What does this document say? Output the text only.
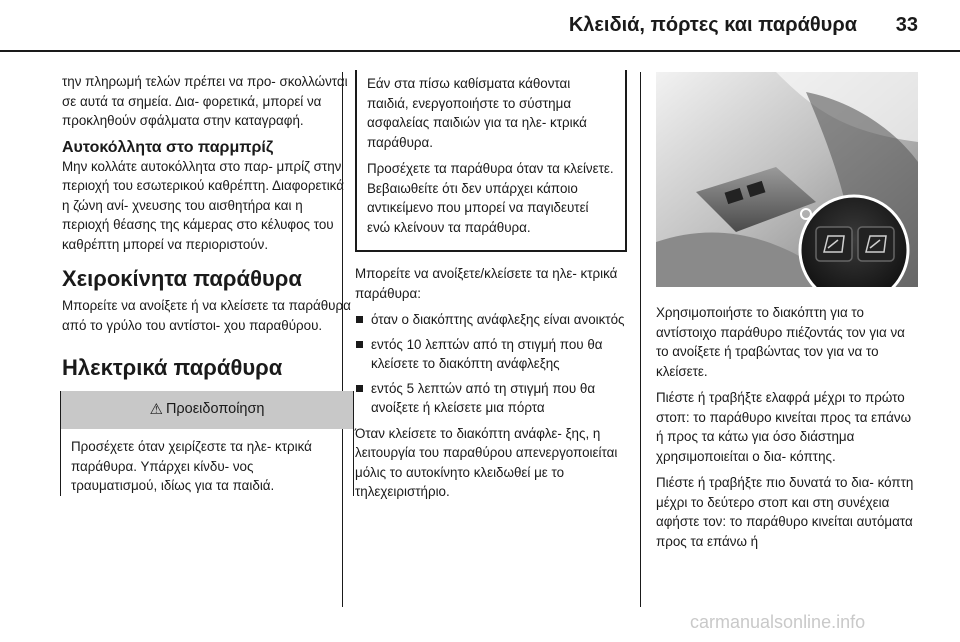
Κλειδιά, πόρτες και παράθυρα 33

την πληρωμή τελών πρέπει να προ- σκολλώνται σε αυτά τα σημεία. Δια- φορετικά, μπορεί να προκληθούν σφάλματα στην καταγραφή.

Αυτοκόλλητα στο παρμπρίζ

Μην κολλάτε αυτοκόλλητα στο παρ- μπρίζ στην περιοχή του εσωτερικού καθρέπτη. Διαφορετικά η ζώνη ανί- χνευσης του αισθητήρα και η περιοχή θέασης της κάμερας στο κέλυφος του καθρέπτη μπορεί να περιοριστούν.

Χειροκίνητα παράθυρα

Μπορείτε να ανοίξετε ή να κλείσετε τα παράθυρα από το γρύλο του αντίστοι- χου παραθύρου.

Ηλεκτρικά παράθυρα
⚠ Προειδοποίηση

Προσέχετε όταν χειρίζεστε τα ηλε- κτρικά παράθυρα. Υπάρχει κίνδυ- νος τραυματισμού, ιδίως για τα παιδιά.

Εάν στα πίσω καθίσματα κάθονται παιδιά, ενεργοποιήστε το σύστημα ασφαλείας παιδιών για τα ηλε- κτρικά παράθυρα.

Προσέχετε τα παράθυρα όταν τα κλείνετε. Βεβαιωθείτε ότι δεν υπάρχει κάποιο αντικείμενο που μπορεί να παγιδευτεί ενώ κλείνουν τα παράθυρα.

Μπορείτε να ανοίξετε/κλείσετε τα ηλε- κτρικά παράθυρα:

όταν ο διακόπτης ανάφλεξης είναι ανοικτός
εντός 10 λεπτών από τη στιγμή που θα κλείσετε το διακόπτη ανάφλεξης
εντός 5 λεπτών από τη στιγμή που θα ανοίξετε ή κλείσετε μια πόρτα

Όταν κλείσετε το διακόπτη ανάφλε- ξης, η λειτουργία του παραθύρου απενεργοποιείται μόλις το αυτοκίνητο κλειδωθεί με το τηλεχειριστήριο.

Χρησιμοποιήστε το διακόπτη για το αντίστοιχο παράθυρο πιέζοντάς τον για να το ανοίξετε ή τραβώντας τον για να το κλείσετε.

Πιέστε ή τραβήξτε ελαφρά μέχρι το πρώτο στοπ: το παράθυρο κινείται προς τα επάνω ή προς τα κάτω για όσο διάστημα χρησιμοποιείται ο δια- κόπτης.

Πιέστε ή τραβήξτε πιο δυνατά το δια- κόπτη μέχρι το δεύτερο στοπ και στη συνέχεια αφήστε τον: το παράθυρο κινείται αυτόματα προς τα επάνω ή

carmanualsonline.info
